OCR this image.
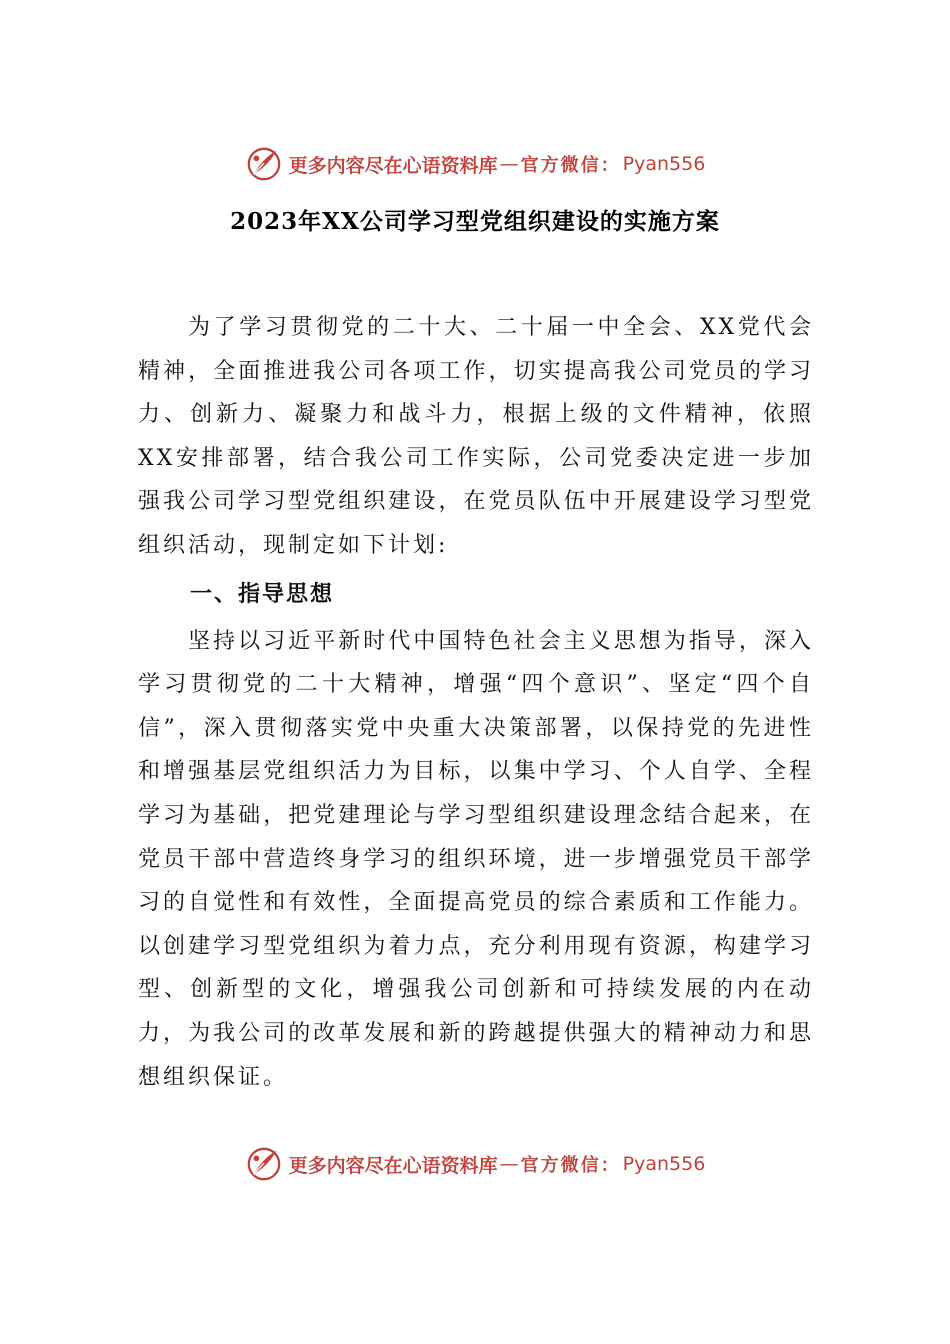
更多内容尽在心语资料库 — 官方微信： Pyan556
2023年XX公司学习型党组织建设的实施方案

为了学习贯彻党的二十大、二十届一中全会、XX党代会精神，全面推进我公司各项工作，切实提高我公司党员的学习力、创新力、凝聚力和战斗力，根据上级的文件精神，依照XX安排部署，结合我公司工作实际，公司党委决定进一步加强我公司学习型党组织建设，在党员队伍中开展建设学习型党组织活动，现制定如下计划:

一、指导思想

坚持以习近平新时代中国特色社会主义思想为指导，深入学习贯彻党的二十大精神，增强“四个意识”、坚定“四个自信”，深入贯彻落实党中央重大决策部署，以保持党的先进性和增强基层党组织活力为目标，以集中学习、个人自学、全程学习为基础，把党建理论与学习型组织建设理念结合起来，在党员干部中营造终身学习的组织环境，进一步增强党员干部学习的自觉性和有效性，全面提高党员的综合素质和工作能力。以创建学习型党组织为着力点，充分利用现有资源，构建学习型、创新型的文化，增强我公司创新和可持续发展的内在动力，为我公司的改革发展和新的跨越提供强大的精神动力和思想组织保证。

更多内容尽在心语资料库 — 官方微信： Pyan556
